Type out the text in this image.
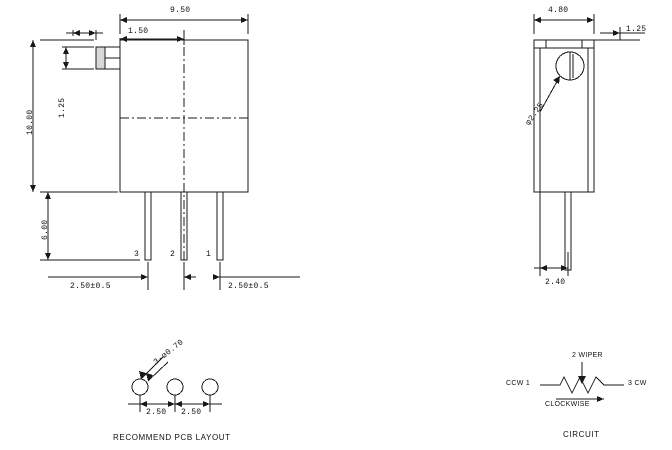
9.50
1.50
10.00
1.25
6.00
2.50±0.5	2.50±0.5
3	2	1
4.80
1.25
φ2.25
2.40
3-ø0.70
2.50 2.50
RECOMMEND PCB LAYOUT
2 WIPER
CCW 1	3 CW
CLOCKWISE
CIRCUIT
